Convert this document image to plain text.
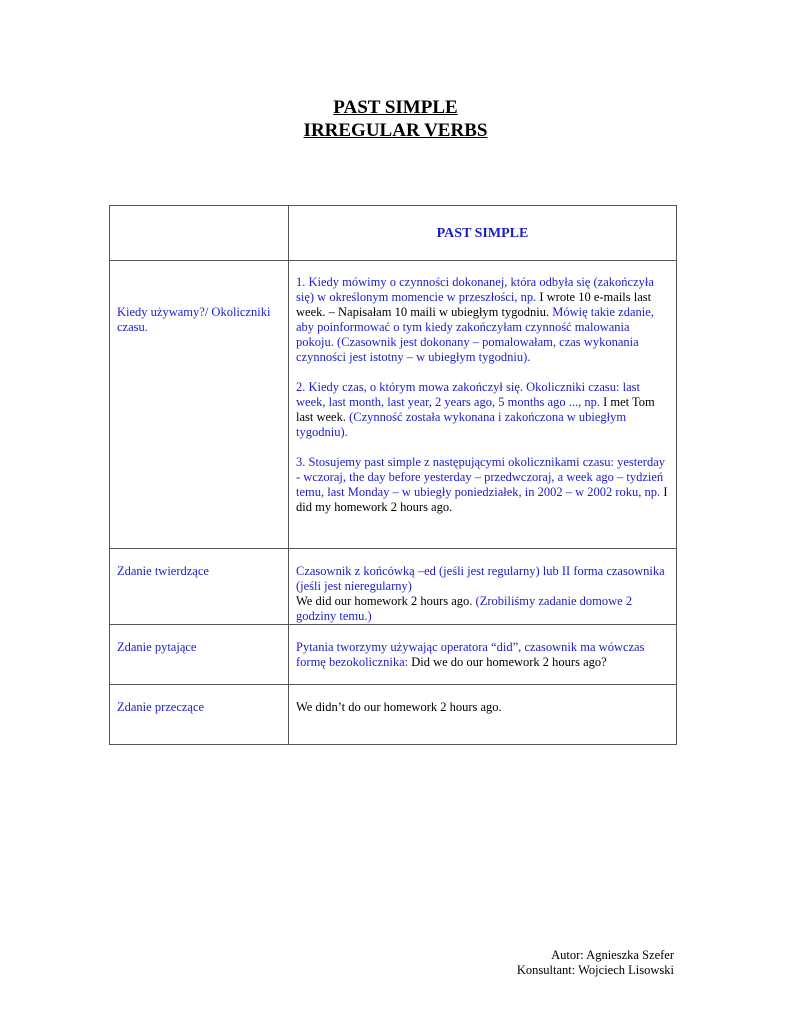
PAST SIMPLE
IRREGULAR VERBS
	PAST SIMPLE
Kiedy używamy?/ Okoliczniki czasu.	1. Kiedy mówimy o czynności dokonanej, która odbyła się (zakończyła się) w określonym momencie w przeszłości, np. I wrote 10 e-mails last week. – Napisałam 10 maili w ubiegłym tygodniu. Mówię takie zdanie, aby poinformować o tym kiedy zakończyłam czynność malowania pokoju. (Czasownik jest dokonany – pomalowałam, czas wykonania czynności jest istotny – w ubiegłym tygodniu).

2. Kiedy czas, o którym mowa zakończył się. Okoliczniki czasu: last week, last month, last year, 2 years ago, 5 months ago ..., np. I met Tom last week. (Czynność została wykonana i zakończona w ubiegłym tygodniu).

3. Stosujemy past simple z następującymi okolicznikami czasu: yesterday - wczoraj, the day before yesterday – przedwczoraj, a week ago – tydzień temu, last Monday – w ubiegły poniedziałek, in 2002 – w 2002 roku, np. I did my homework 2 hours ago.

Zdanie twierdzące	Czasownik z końcówką –ed (jeśli jest regularny) lub II forma czasownika (jeśli jest nieregularny)

We did our homework 2 hours ago. (Zrobiliśmy zadanie domowe 2 godziny temu.)

Zdanie pytające	Pytania tworzymy używając operatora “did”, czasownik ma wówczas formę bezokolicznika: Did we do our homework 2 hours ago?

Zdanie przeczące	We didn’t do our homework 2 hours ago.
Autor: Agnieszka Szefer
Konsultant: Wojciech Lisowski
